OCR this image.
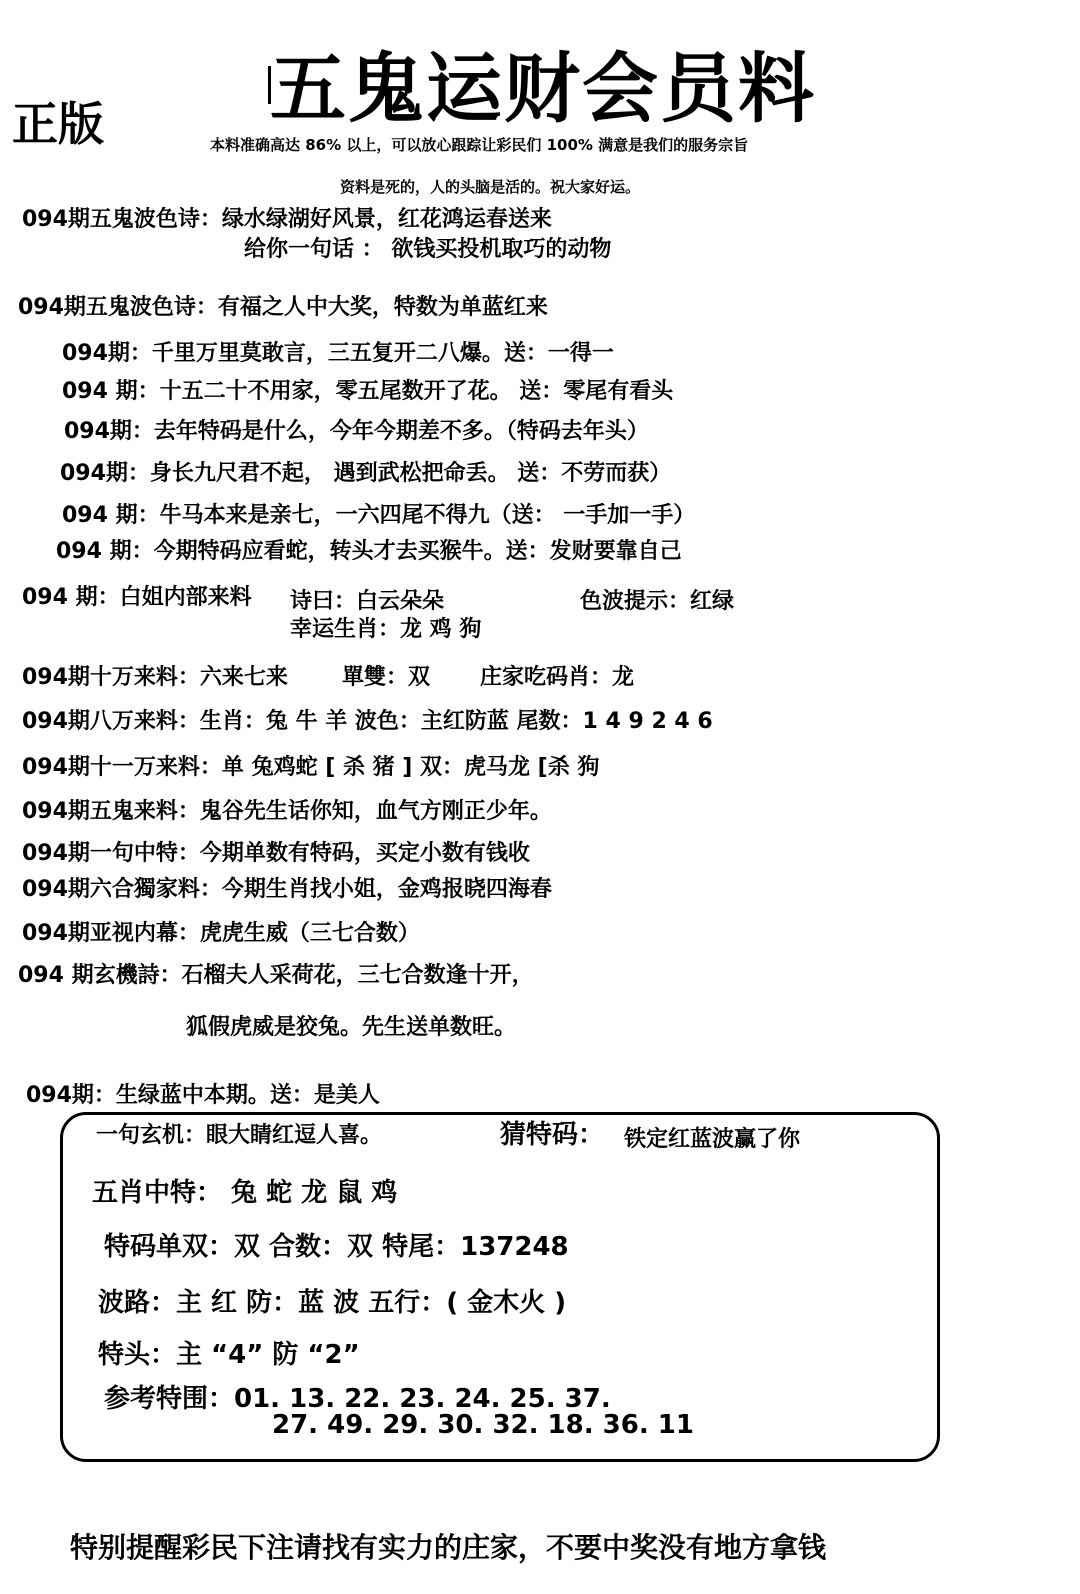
五鬼运财会员料
正版	本料准确高达 86% 以上，可以放心跟踪让彩民们 100% 满意是我们的服务宗旨
资料是死的，人的头脑是活的。祝大家好运。
094期五鬼波色诗：绿水绿湖好风景，红花鸿运春送来
给你一句话 ： 欲钱买投机取巧的动物
094期五鬼波色诗：有福之人中大奖，特数为单蓝红来
094期：千里万里莫敢言，三五复开二八爆。送：一得一
094 期：十五二十不用家，零五尾数开了花。 送：零尾有看头
094期：去年特码是什么，今年今期差不多。（特码去年头）
094期：身长九尺君不起， 遇到武松把命丢。 送：不劳而获）
094 期：牛马本来是亲七，一六四尾不得九（送： 一手加一手）
094 期：今期特码应看蛇，转头才去买猴牛。送：发财要靠自己
094 期：白姐内部来料 诗曰：白云朵朵	色波提示：红绿
幸运生肖：龙 鸡 狗
094期十万来料：六来七来 單雙：双 庄家吃码肖：龙
094期八万来料：生肖：兔 牛 羊 波色：主红防蓝 尾数：1 4 9 2 4 6
094期十一万来料：单 兔鸡蛇 [ 杀 猪 ] 双：虎马龙 [杀 狗
094期五鬼来料：鬼谷先生话你知，血气方刚正少年。
094期一句中特：今期单数有特码，买定小数有钱收
094期六合獨家料：今期生肖找小姐，金鸡报晓四海春
094期亚视内幕：虎虎生威（三七合数）
094 期玄機詩：石榴夫人采荷花，三七合数逢十开，
狐假虎威是狡兔。先生送单数旺。
094期：生绿蓝中本期。送：是美人
一句玄机：眼大睛红逗人喜。	猜特码： 铁定红蓝波赢了你
五肖中特： 兔 蛇 龙 鼠 鸡
特码单双：双 合数：双 特尾：137248
波路：主 红 防：蓝 波 五行：( 金木火 )
特头：主 “4” 防 “2”
参考特围：01. 13. 22. 23. 24. 25. 37.
27. 49. 29. 30. 32. 18. 36. 11
特别提醒彩民下注请找有实力的庄家，不要中奖没有地方拿钱
